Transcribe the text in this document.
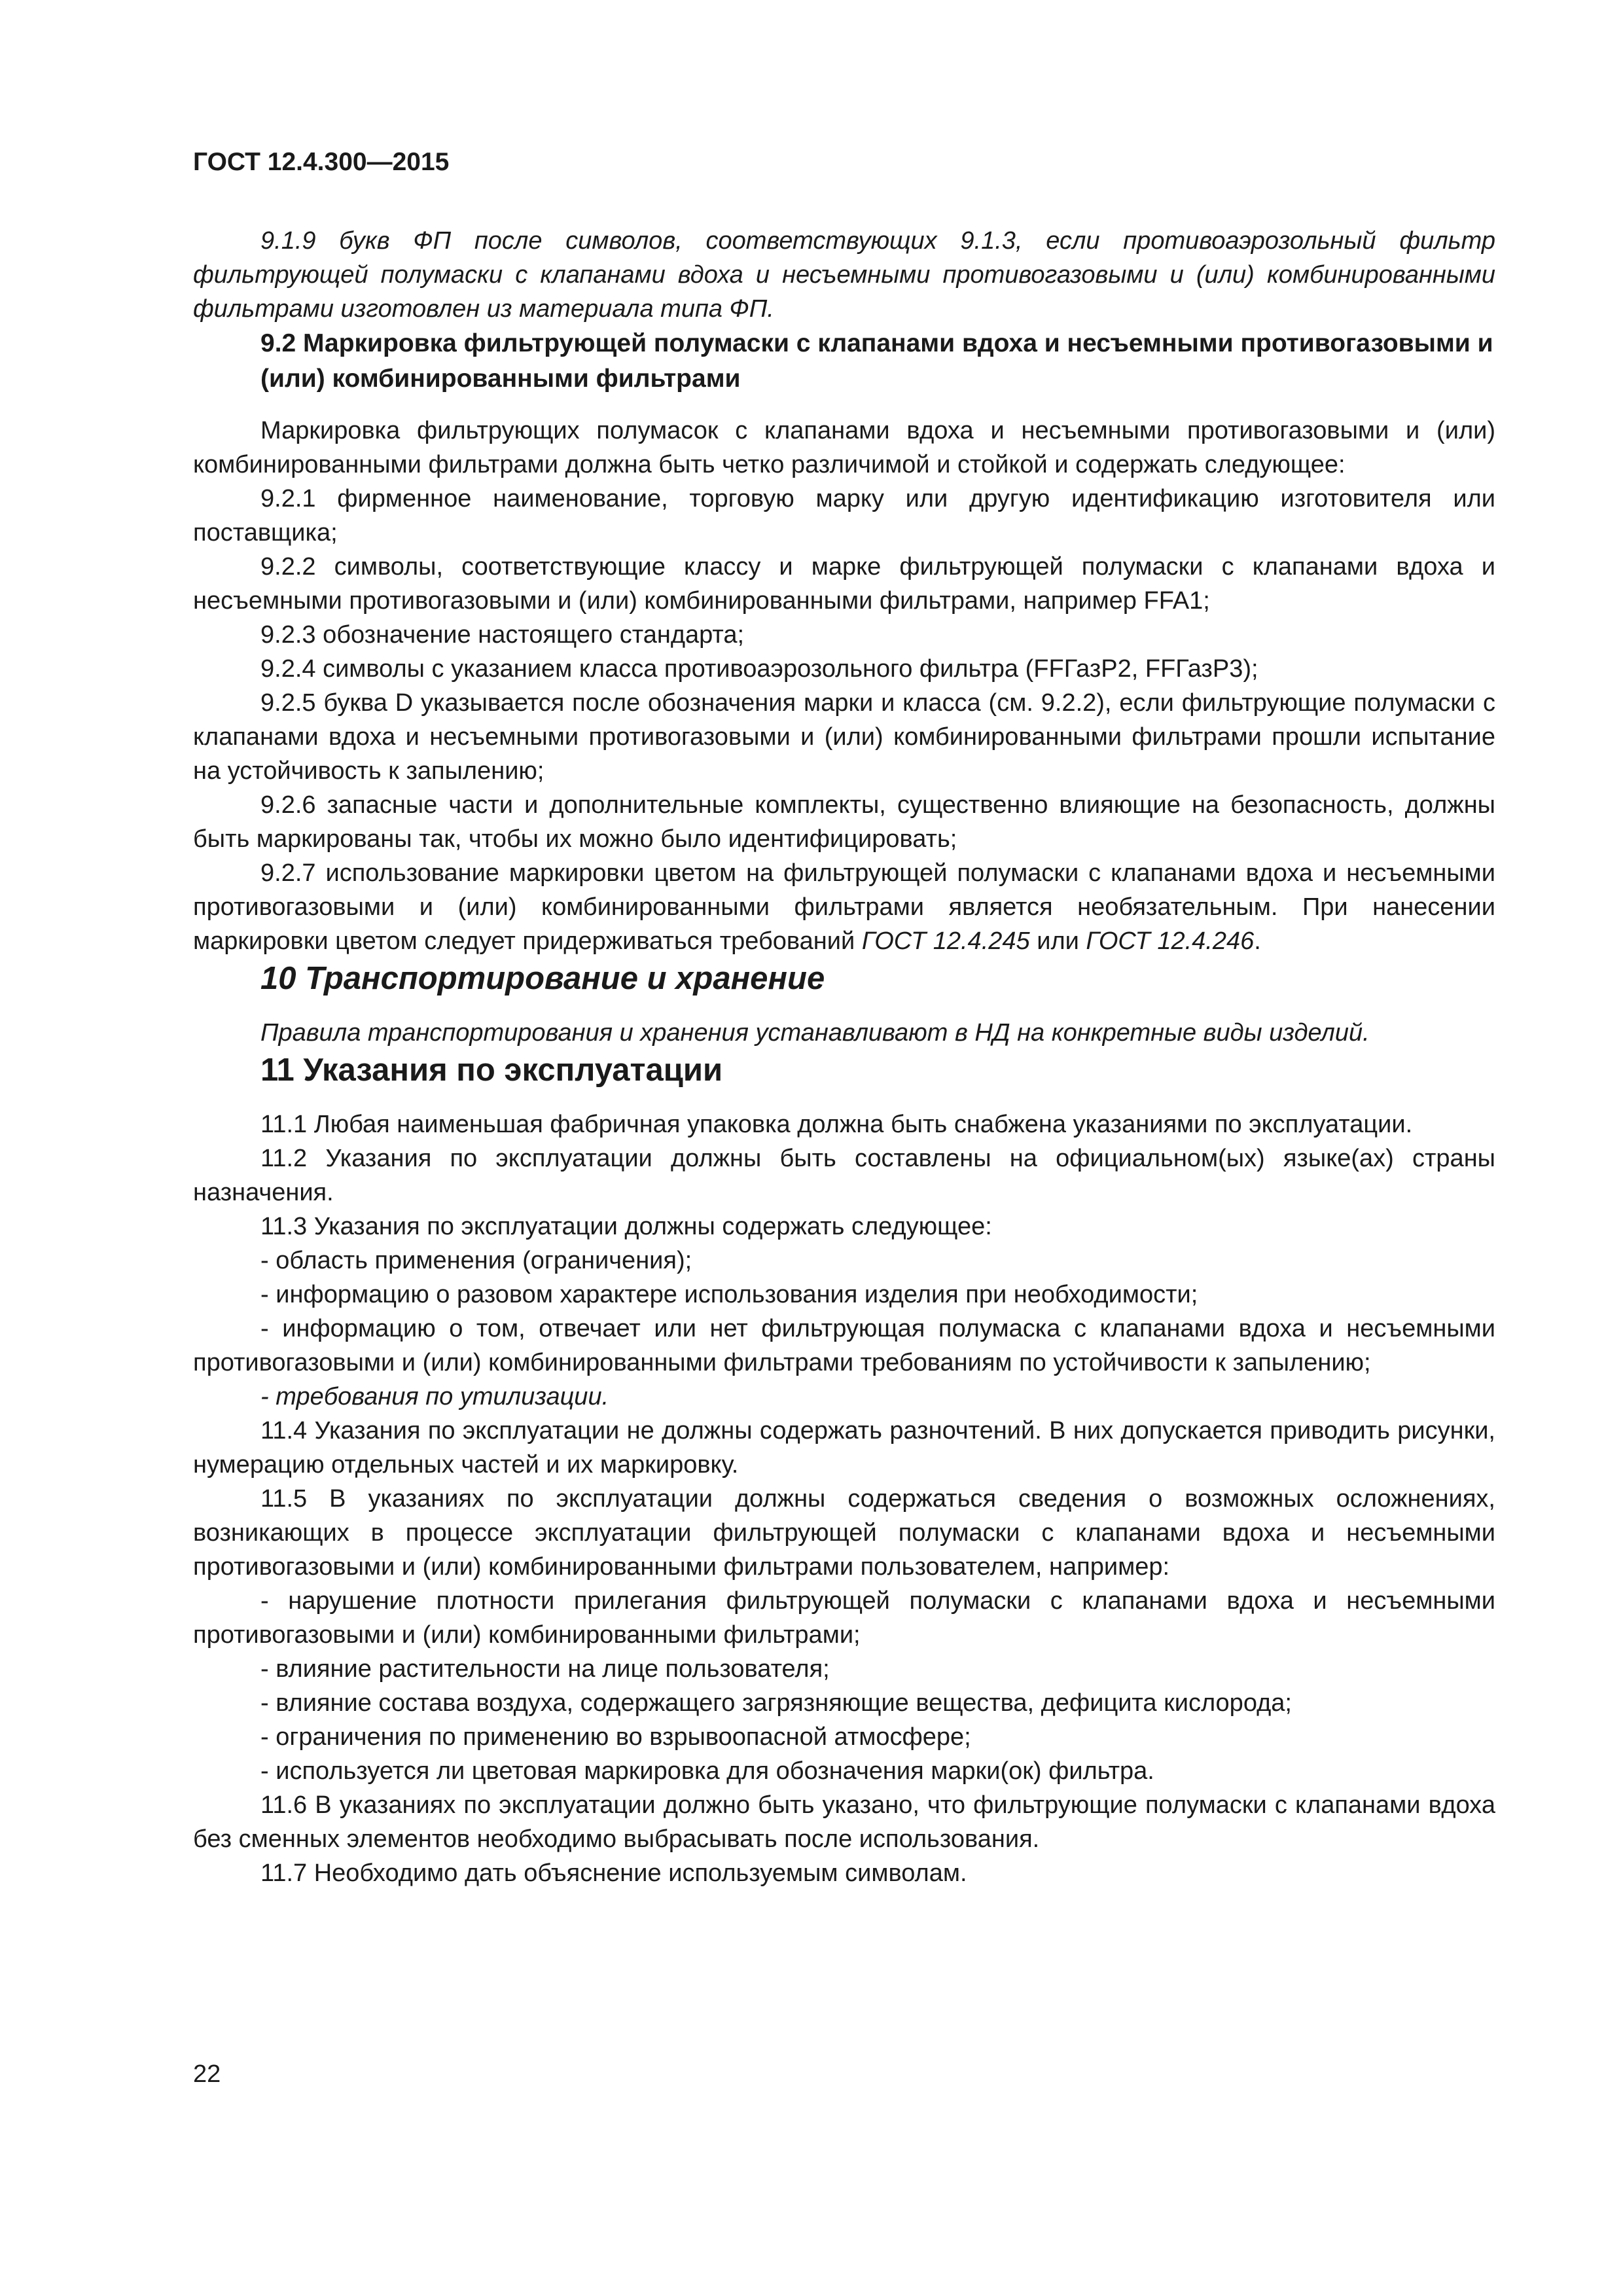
ГОСТ 12.4.300—2015

9.1.9 букв ФП после символов, соответствующих 9.1.3, если противоаэрозольный фильтр фильтрующей полумаски с клапанами вдоха и несъемными противогазовыми и (или) комбинированными фильтрами изготовлен из материала типа ФП.

9.2 Маркировка фильтрующей полумаски с клапанами вдоха и несъемными противогазовыми и (или) комбинированными фильтрами

Маркировка фильтрующих полумасок с клапанами вдоха и несъемными противогазовыми и (или) комбинированными фильтрами должна быть четко различимой и стойкой и содержать следующее:

9.2.1 фирменное наименование, торговую марку или другую идентификацию изготовителя или поставщика;

9.2.2 символы, соответствующие классу и марке фильтрующей полумаски с клапанами вдоха и несъемными противогазовыми и (или) комбинированными фильтрами, например FFA1;

9.2.3 обозначение настоящего стандарта;

9.2.4 символы с указанием класса противоаэрозольного фильтра (FFГазР2, FFГазР3);

9.2.5 буква D указывается после обозначения марки и класса (см. 9.2.2), если фильтрующие полумаски с клапанами вдоха и несъемными противогазовыми и (или) комбинированными фильтрами прошли испытание на устойчивость к запылению;

9.2.6 запасные части и дополнительные комплекты, существенно влияющие на безопасность, должны быть маркированы так, чтобы их можно было идентифицировать;

9.2.7 использование маркировки цветом на фильтрующей полумаски с клапанами вдоха и несъемными противогазовыми и (или) комбинированными фильтрами является необязательным. При нанесении маркировки цветом следует придерживаться требований ГОСТ 12.4.245 или ГОСТ 12.4.246.

10 Транспортирование и хранение

Правила транспортирования и хранения устанавливают в НД на конкретные виды изделий.

11 Указания по эксплуатации

11.1 Любая наименьшая фабричная упаковка должна быть снабжена указаниями по эксплуатации.

11.2 Указания по эксплуатации должны быть составлены на официальном(ых) языке(ах) страны назначения.

11.3 Указания по эксплуатации должны содержать следующее:

- область применения (ограничения);

- информацию о разовом характере использования изделия при необходимости;

- информацию о том, отвечает или нет фильтрующая полумаска с клапанами вдоха и несъемными противогазовыми и (или) комбинированными фильтрами требованиям по устойчивости к запылению;

- требования по утилизации.

11.4 Указания по эксплуатации не должны содержать разночтений. В них допускается приводить рисунки, нумерацию отдельных частей и их маркировку.

11.5 В указаниях по эксплуатации должны содержаться сведения о возможных осложнениях, возникающих в процессе эксплуатации фильтрующей полумаски с клапанами вдоха и несъемными противогазовыми и (или) комбинированными фильтрами пользователем, например:

- нарушение плотности прилегания фильтрующей полумаски с клапанами вдоха и несъемными противогазовыми и (или) комбинированными фильтрами;

- влияние растительности на лице пользователя;

- влияние состава воздуха, содержащего загрязняющие вещества, дефицита кислорода;

- ограничения по применению во взрывоопасной атмосфере;

- используется ли цветовая маркировка для обозначения марки(ок) фильтра.

11.6 В указаниях по эксплуатации должно быть указано, что фильтрующие полумаски с клапанами вдоха без сменных элементов необходимо выбрасывать после использования.

11.7 Необходимо дать объяснение используемым символам.

22
